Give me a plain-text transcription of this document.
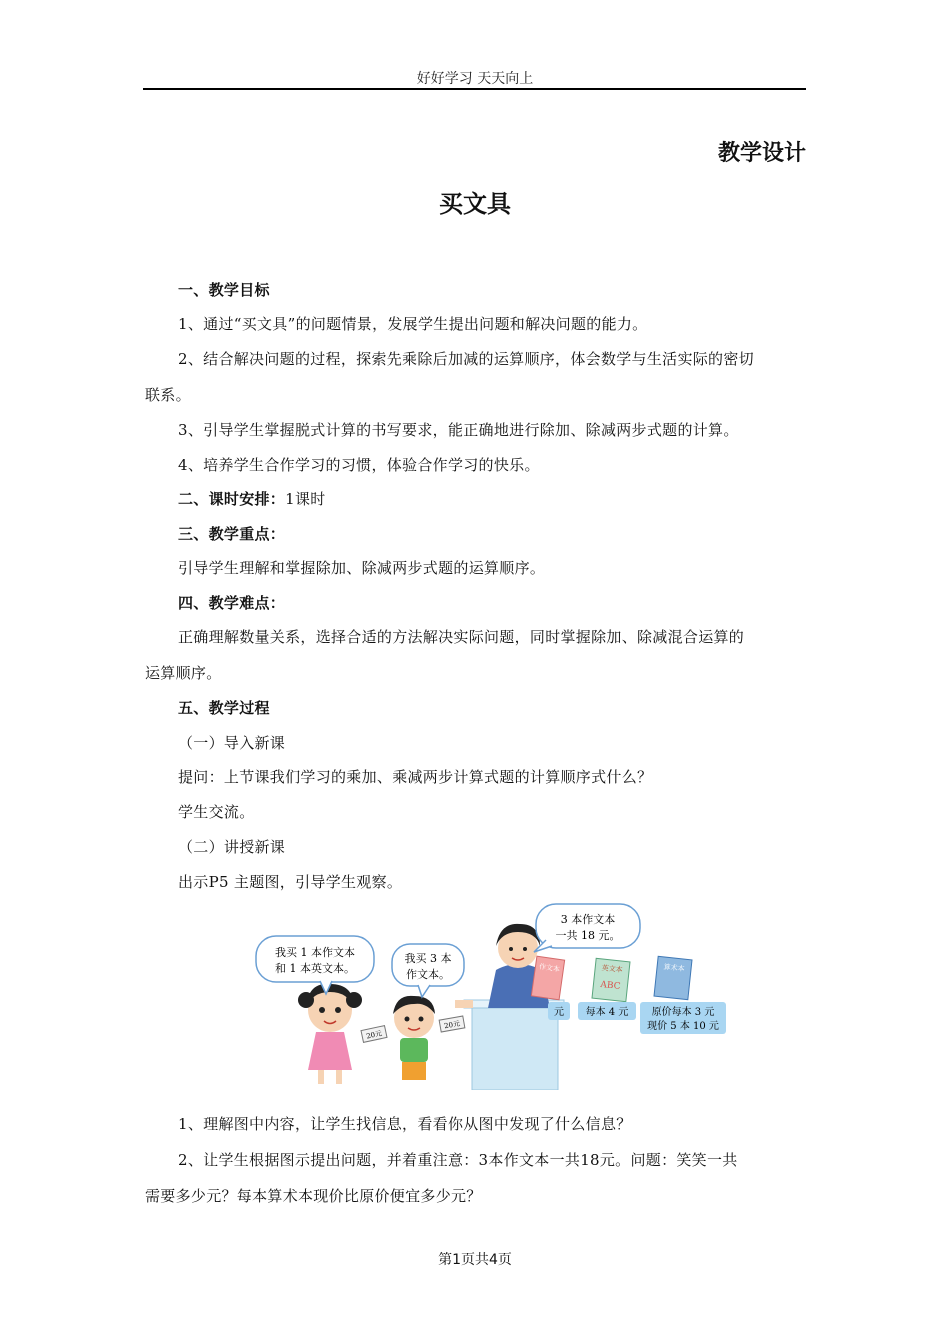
好好学习 天天向上
教学设计
买文具
一、教学目标
1、通过“买文具”的问题情景，发展学生提出问题和解决问题的能力。
2、结合解决问题的过程，探索先乘除后加减的运算顺序，体会数学与生活实际的密切
联系。
3、引导学生掌握脱式计算的书写要求，能正确地进行除加、除减两步式题的计算。
4、培养学生合作学习的习惯，体验合作学习的快乐。
二、课时安排：1课时
三、教学重点：
引导学生理解和掌握除加、除减两步式题的运算顺序。
四、教学难点：
正确理解数量关系，选择合适的方法解决实际问题，同时掌握除加、除减混合运算的
运算顺序。
五、教学过程
（一）导入新课
提问：上节课我们学习的乘加、乘减两步计算式题的计算顺序式什么？
学生交流。
（二）讲授新课
出示P5 主题图，引导学生观察。
20元
20元
我买 1 本作文本
和 1 本英文本。
我买 3 本
作文本。
3 本作文本
一共 18 元。
作文本	英文本
ABC
算术本
元 每本 4 元 原价每本 3 元
现价 5 本 10 元
1、理解图中内容，让学生找信息，看看你从图中发现了什么信息？
2、让学生根据图示提出问题，并着重注意：3本作文本一共18元。问题：笑笑一共
需要多少元？每本算术本现价比原价便宜多少元？
第1页共4页
